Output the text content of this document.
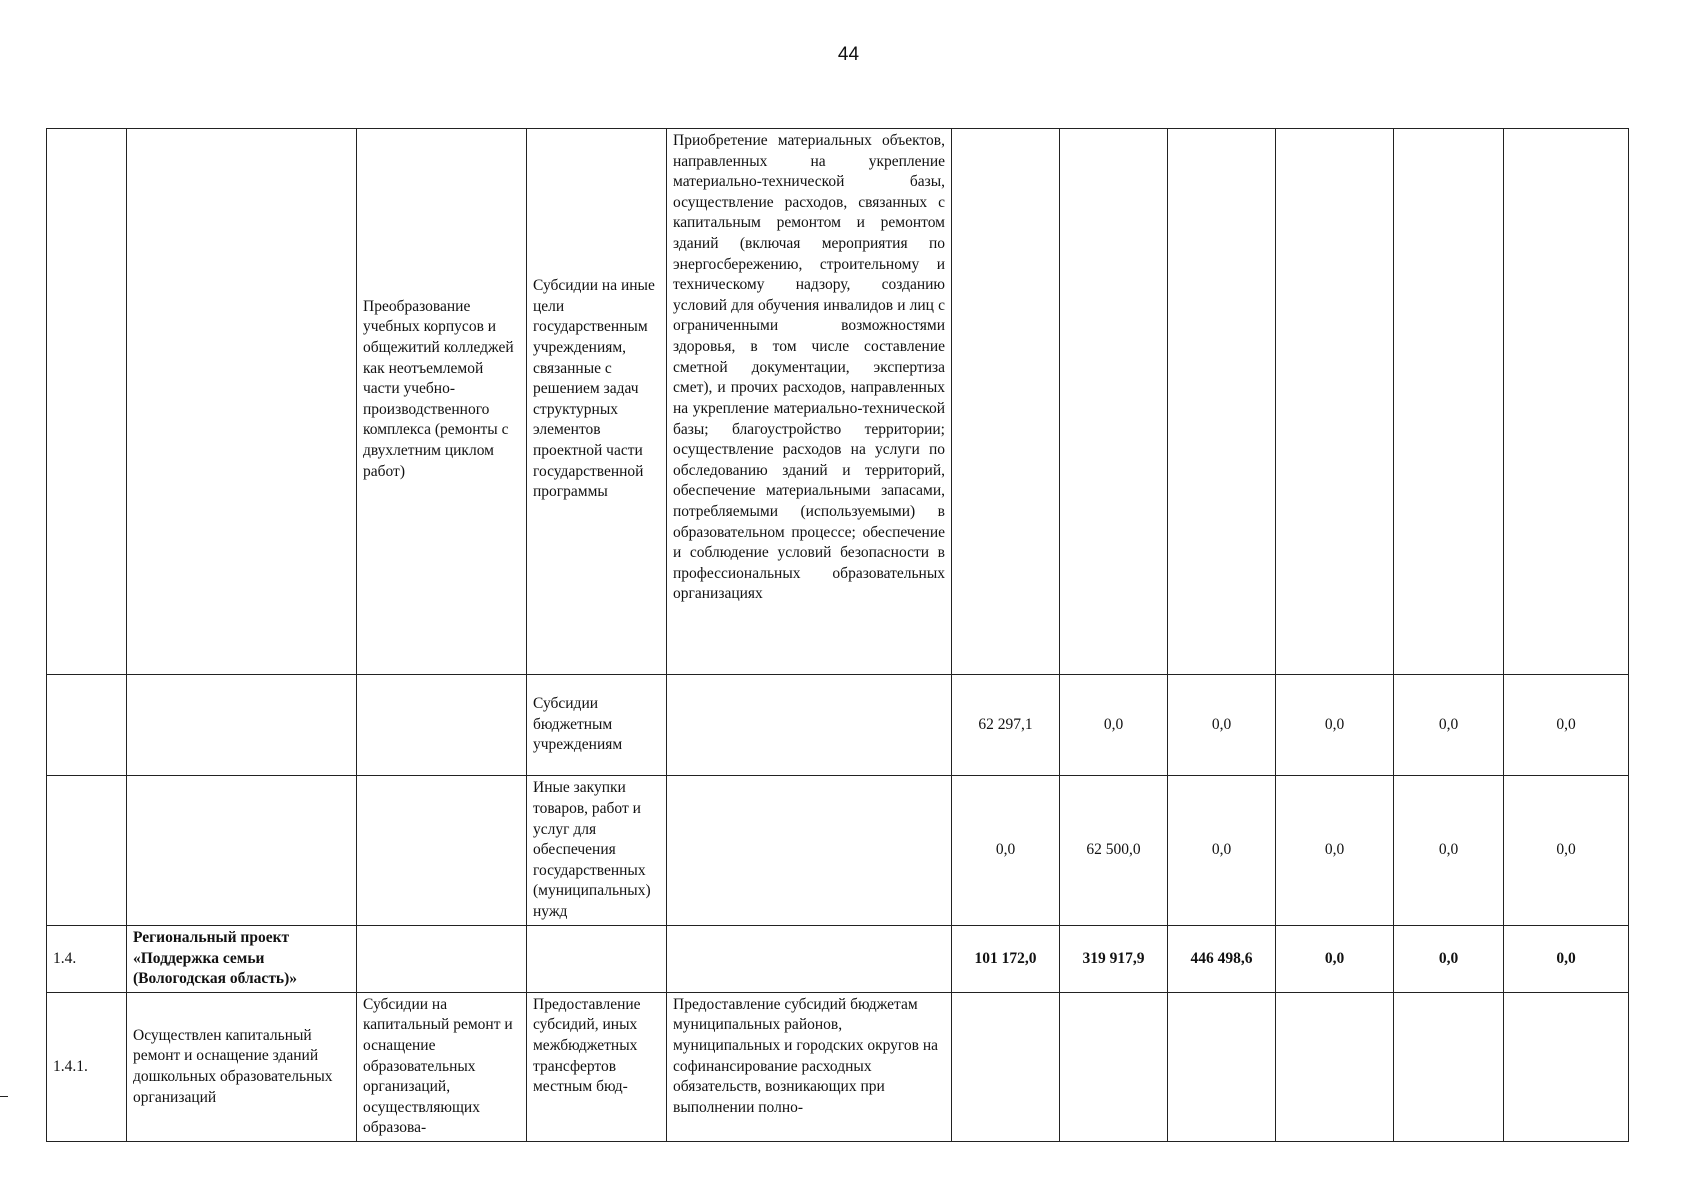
44

		Преобразование учебных корпусов и общежитий колледжей как неотъемлемой части учебно-производственного комплекса (ремонты с двухлетним циклом работ)	Субсидии на иные цели государственным учреждениям, связанные с решением задач структурных элементов проектной части государственной программы	Приобретение материальных объектов, направленных на укрепление материально-технической базы, осуществление расходов, связанных с капитальным ремонтом и ремонтом зданий (включая мероприятия по энергосбережению, строительному и техническому надзору, созданию условий для обучения инвалидов и лиц с ограниченными возможностями здоровья, в том числе составление сметной документации, экспертиза смет), и прочих расходов, направленных на укрепление материально-технической базы; благоустройство территории; осуществление расходов на услуги по обследованию зданий и территорий, обеспечение материальными запасами, потребляемыми (используемыми) в образовательном процессе; обеспечение и соблюдение условий безопасности в профессиональных образовательных организациях						
			Субсидии бюджетным учреждениям		62 297,1	0,0	0,0	0,0	0,0	0,0
			Иные закупки товаров, работ и услуг для обеспечения государственных (муниципальных) нужд		0,0	62 500,0	0,0	0,0	0,0	0,0
1.4.	Региональный проект «Поддержка семьи (Вологодская область)»				101 172,0	319 917,9	446 498,6	0,0	0,0	0,0
1.4.1.	Осуществлен капитальный ремонт и оснащение зданий дошкольных образовательных организаций	Субсидии на капитальный ремонт и оснащение образовательных организаций, осуществляющих образова-	Предоставление субсидий, иных межбюджетных трансфертов местным бюд-	Предоставление субсидий бюджетам муниципальных районов, муниципальных и городских округов на софинансирование расходных обязательств, возникающих при выполнении полно-						
